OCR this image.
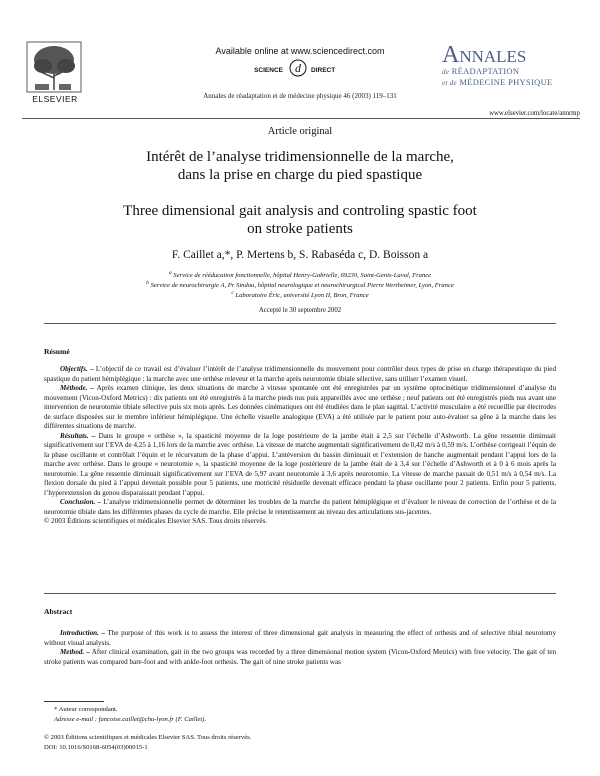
ELSEVIER
Available online at www.sciencedirect.com
SCIENCE d DIRECT
Annales de réadaptation et de médecine physique 46 (2003) 119–131
Annales
de RÉADAPTATION
et de MÉDECINE PHYSIQUE
www.elsevier.com/locate/annrmp
Article original
Intérêt de l’analyse tridimensionnelle de la marche,
dans la prise en charge du pied spastique
Three dimensional gait analysis and controling spastic foot
on stroke patients
F. Caillet a,*, P. Mertens b, S. Rabaséda c, D. Boisson a
$^a$ Service de rééducation fonctionnelle, hôpital Henry-Gabrielle, 69230, Saint-Genis-Laval, France
$^b$ Service de neurochirurgie A, Pr Sindou, hôpital neurologique et neurochirurgical Pierre Wertheimer, Lyon, France
$^c$ Laboratoire Éric, université Lyon II, Bron, France
Accepté le 30 septembre 2002
Résumé

Objectifs. – L’objectif de ce travail est d’évaluer l’intérêt de l’analyse tridimensionnelle du mouvement pour contrôler deux types de prise en charge thérapeutique du pied spastique du patient hémiplégique : la marche avec une orthèse releveur et la marche après neurotomie tibiale sélective, sans utiliser l’examen visuel.

Méthode. – Après examen clinique, les deux situations de marche à vitesse spontanée ont été enregistrées par un système optocinétique tridimensionnel d’analyse du mouvement (Vicon-Oxford Metrics) : dix patients ont été enregistrés à la marche pieds nus puis appareillés avec une orthèse ; neuf patients ont été enregistrés pieds nus avant une intervention de neurotomie tibiale sélective puis six mois après. Les données cinématiques ont été étudiées dans le plan sagittal. L’activité musculaire a été recueillie par électrodes de surface disposées sur le membre inférieur hémiplégique. Une échelle visuelle analogique (EVA) a été utilisée par le patient pour auto-évaluer sa gêne à la marche dans les différentes situations de marche.

Résultats. – Dans le groupe « orthèse », la spasticité moyenne de la loge postérieure de la jambe était à 2,5 sur l’échelle d’Ashworth. La gêne ressentie diminuait significativement sur l’EVA de 4,25 à 1,16 lors de la marche avec orthèse. La vitesse de marche augmentait significativement de 0,42 m/s à 0,59 m/s. L’orthèse corrigeait l’équin de la phase oscillante et contrôlait l’équin et le récurvatum de la phase d’appui. L’antéversion du bassin diminuait et l’extension de hanche augmentait pendant l’appui lors de la marche avec orthèse. Dans le groupe « neurotomie », la spasticité moyenne de la loge postérieure de la jambe était de à 3,4 sur l’échelle d’Ashworth et à 0 à 6 mois après la neurotomie. La gêne ressentie diminuait significativement sur l’EVA de 5,97 avant neurotomie à 3,6 après neurotomie. La vitesse de marche passait de 0,51 m/s à 0,54 m/s. La flexion dorsale du pied à l’appui devenait possible pour 5 patients, une motricité résiduelle devenait efficace pendant la phase oscillante pour 2 patients. Enfin pour 5 patients, l’hyperextension du genou disparaissait pendant l’appui.

Conclusion. – L’analyse tridimensionnelle permet de déterminer les troubles de la marche du patient hémiplégique et d’évaluer le niveau de correction de l’orthèse et de la neurotomie tibiale dans les différentes phases du cycle de marche. Elle précise le retentissement au niveau des articulations sus-jacentes.

© 2003 Éditions scientifiques et médicales Elsevier SAS. Tous droits réservés.
Abstract

Introduction. – The purpose of this work is to assess the interest of three dimensional gait analysis in measuring the effect of orthesis and of selective tibial neurotomy without visual analysis.

Method. – After clinical examination, gait in the two groups was recorded by a three dimensional motion system (Vicon-Oxford Metrics) with free velocity. The gait of ten stroke patients was compared bare-foot and with ankle-foot orthesis. The gait of nine stroke patients was

* Auteur correspondant.
Adresse e-mail : fancoise.caillet@chu-lyon.fr (F. Caillet).
© 2003 Éditions scientifiques et médicales Elsevier SAS. Tous droits réservés.
DOI: 10.1016/S0168-6054(03)00015-1
